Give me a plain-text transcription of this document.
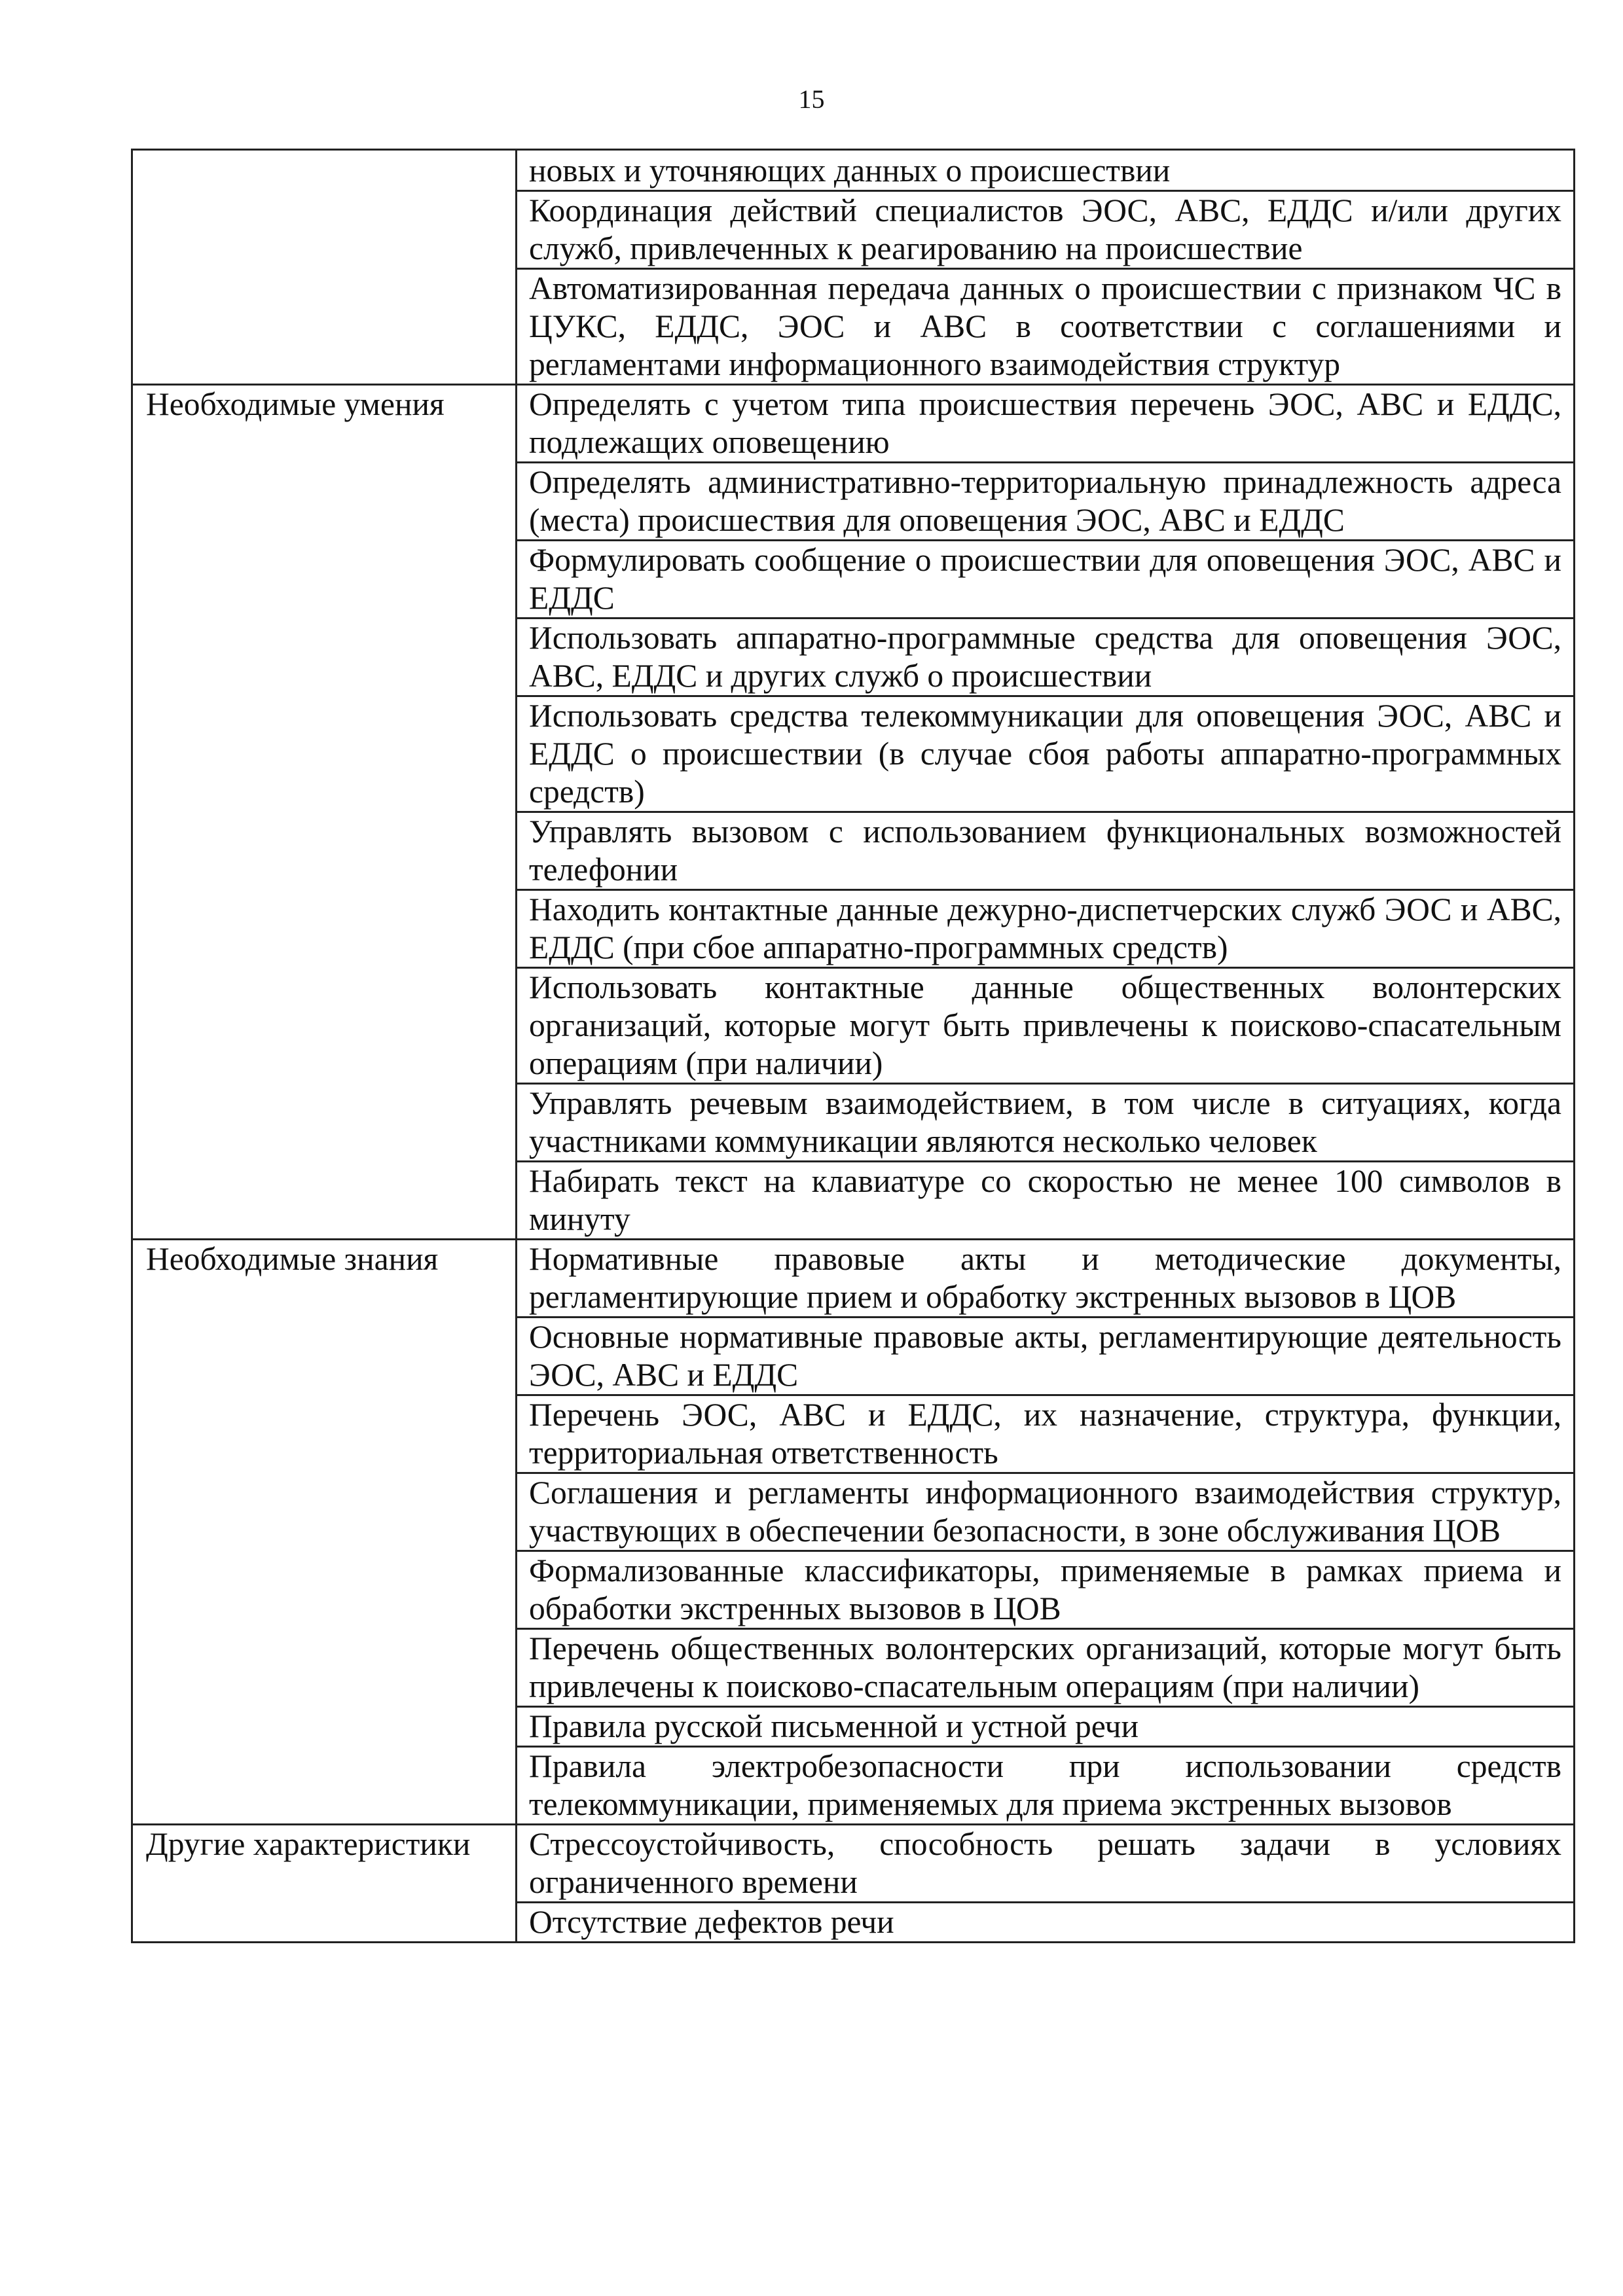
15
	новых и уточняющих данных о происшествии
	Координация действий специалистов ЭОС, АВС, ЕДДС и/или других служб, привлеченных к реагированию на происшествие
	Автоматизированная передача данных о происшествии с признаком ЧС в ЦУКС, ЕДДС, ЭОС и АВС в соответствии с соглашениями и регламентами информационного взаимодействия структур
Необходимые умения	Определять с учетом типа происшествия перечень ЭОС, АВС и ЕДДС, подлежащих оповещению
	Определять административно-территориальную принадлежность адреса (места) происшествия для оповещения ЭОС, АВС и ЕДДС
	Формулировать сообщение о происшествии для оповещения ЭОС, АВС и ЕДДС
	Использовать аппаратно-программные средства для оповещения ЭОС, АВС, ЕДДС и других служб о происшествии
	Использовать средства телекоммуникации для оповещения ЭОС, АВС и ЕДДС о происшествии (в случае сбоя работы аппаратно-программных средств)
	Управлять вызовом с использованием функциональных возможностей телефонии
	Находить контактные данные дежурно-диспетчерских служб ЭОС и АВС, ЕДДС (при сбое аппаратно-программных средств)
	Использовать контактные данные общественных волонтерских организаций, которые могут быть привлечены к поисково-спасательным операциям (при наличии)
	Управлять речевым взаимодействием, в том числе в ситуациях, когда участниками коммуникации являются несколько человек
	Набирать текст на клавиатуре со скоростью не менее 100 символов в минуту
Необходимые знания	Нормативные правовые акты и методические документы, регламентирующие прием и обработку экстренных вызовов в ЦОВ
	Основные нормативные правовые акты, регламентирующие деятельность ЭОС, АВС и ЕДДС
	Перечень ЭОС, АВС и ЕДДС, их назначение, структура, функции, территориальная ответственность
	Соглашения и регламенты информационного взаимодействия структур, участвующих в обеспечении безопасности, в зоне обслуживания ЦОВ
	Формализованные классификаторы, применяемые в рамках приема и обработки экстренных вызовов в ЦОВ
	Перечень общественных волонтерских организаций, которые могут быть привлечены к поисково-спасательным операциям (при наличии)
	Правила русской письменной и устной речи
	Правила электробезопасности при использовании средств телекоммуникации, применяемых для приема экстренных вызовов
Другие характеристики	Стрессоустойчивость, способность решать задачи в условиях ограниченного времени
	Отсутствие дефектов речи
